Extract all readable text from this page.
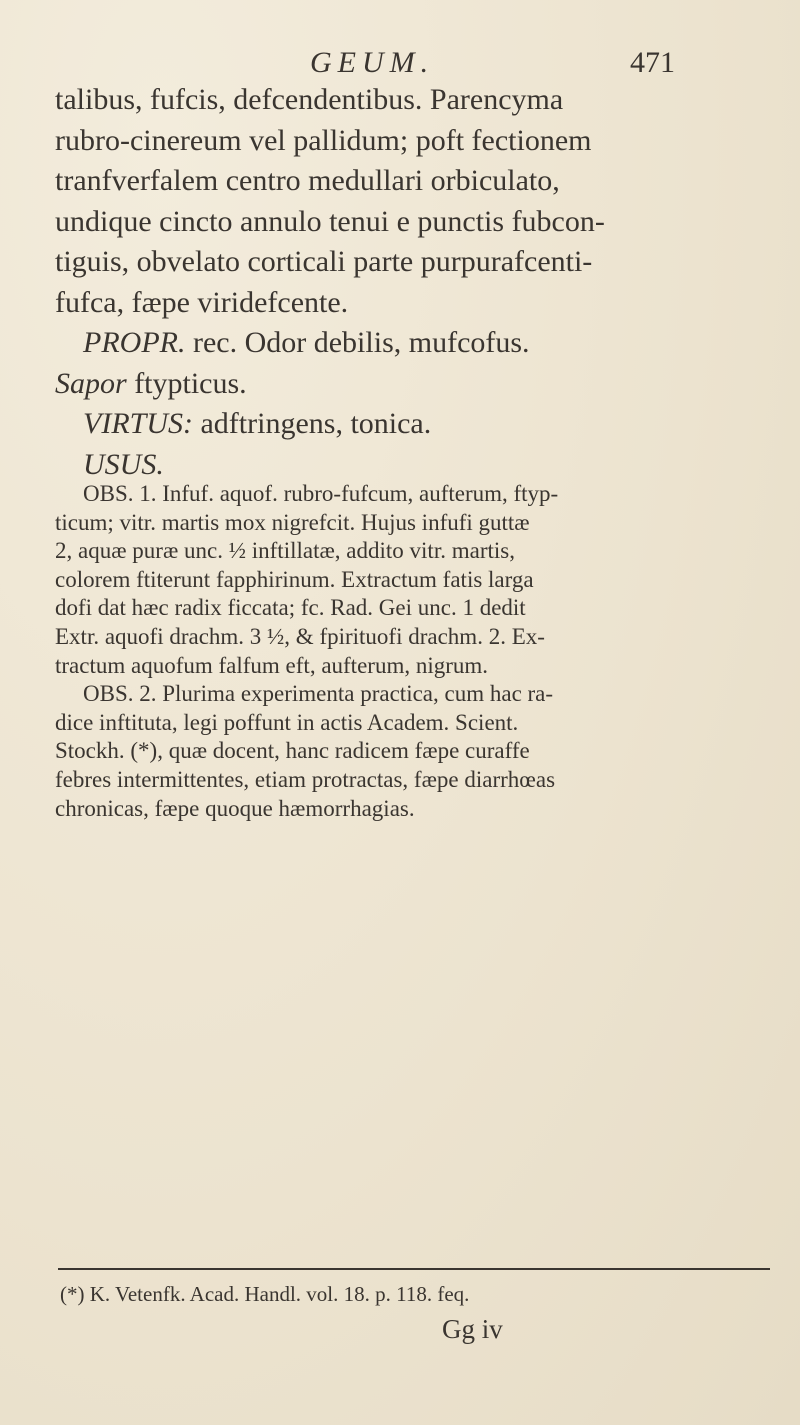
GEUM.	471
talibus, fufcis, defcendentibus. Parencyma
rubro-cinereum vel pallidum; poft fectionem
tranfverfalem centro medullari orbiculato,
undique cincto annulo tenui e punctis fubcon-
tiguis, obvelato corticali parte purpurafcenti-
fufca, fæpe viridefcente.
PROPR. rec. Odor debilis, mufcofus.
Sapor ftypticus.
VIRTUS: adftringens, tonica.
USUS.
OBS. 1. Infuf. aquof. rubro-fufcum, aufterum, ftyp-
ticum; vitr. martis mox nigrefcit. Hujus infufi guttæ
2, aquæ puræ unc. ½ inftillatæ, addito vitr. martis,
colorem ftiterunt fapphirinum. Extractum fatis larga
dofi dat hæc radix ficcata; fc. Rad. Gei unc. 1 dedit
Extr. aquofi drachm. 3 ½, & fpirituofi drachm. 2. Ex-
tractum aquofum falfum eft, aufterum, nigrum.
OBS. 2. Plurima experimenta practica, cum hac ra-
dice inftituta, legi poffunt in actis Academ. Scient.
Stockh. (*), quæ docent, hanc radicem fæpe curaffe
febres intermittentes, etiam protractas, fæpe diarrhœas
chronicas, fæpe quoque hæmorrhagias.
(*) K. Vetenfk. Acad. Handl. vol. 18. p. 118. feq.
Gg iv
